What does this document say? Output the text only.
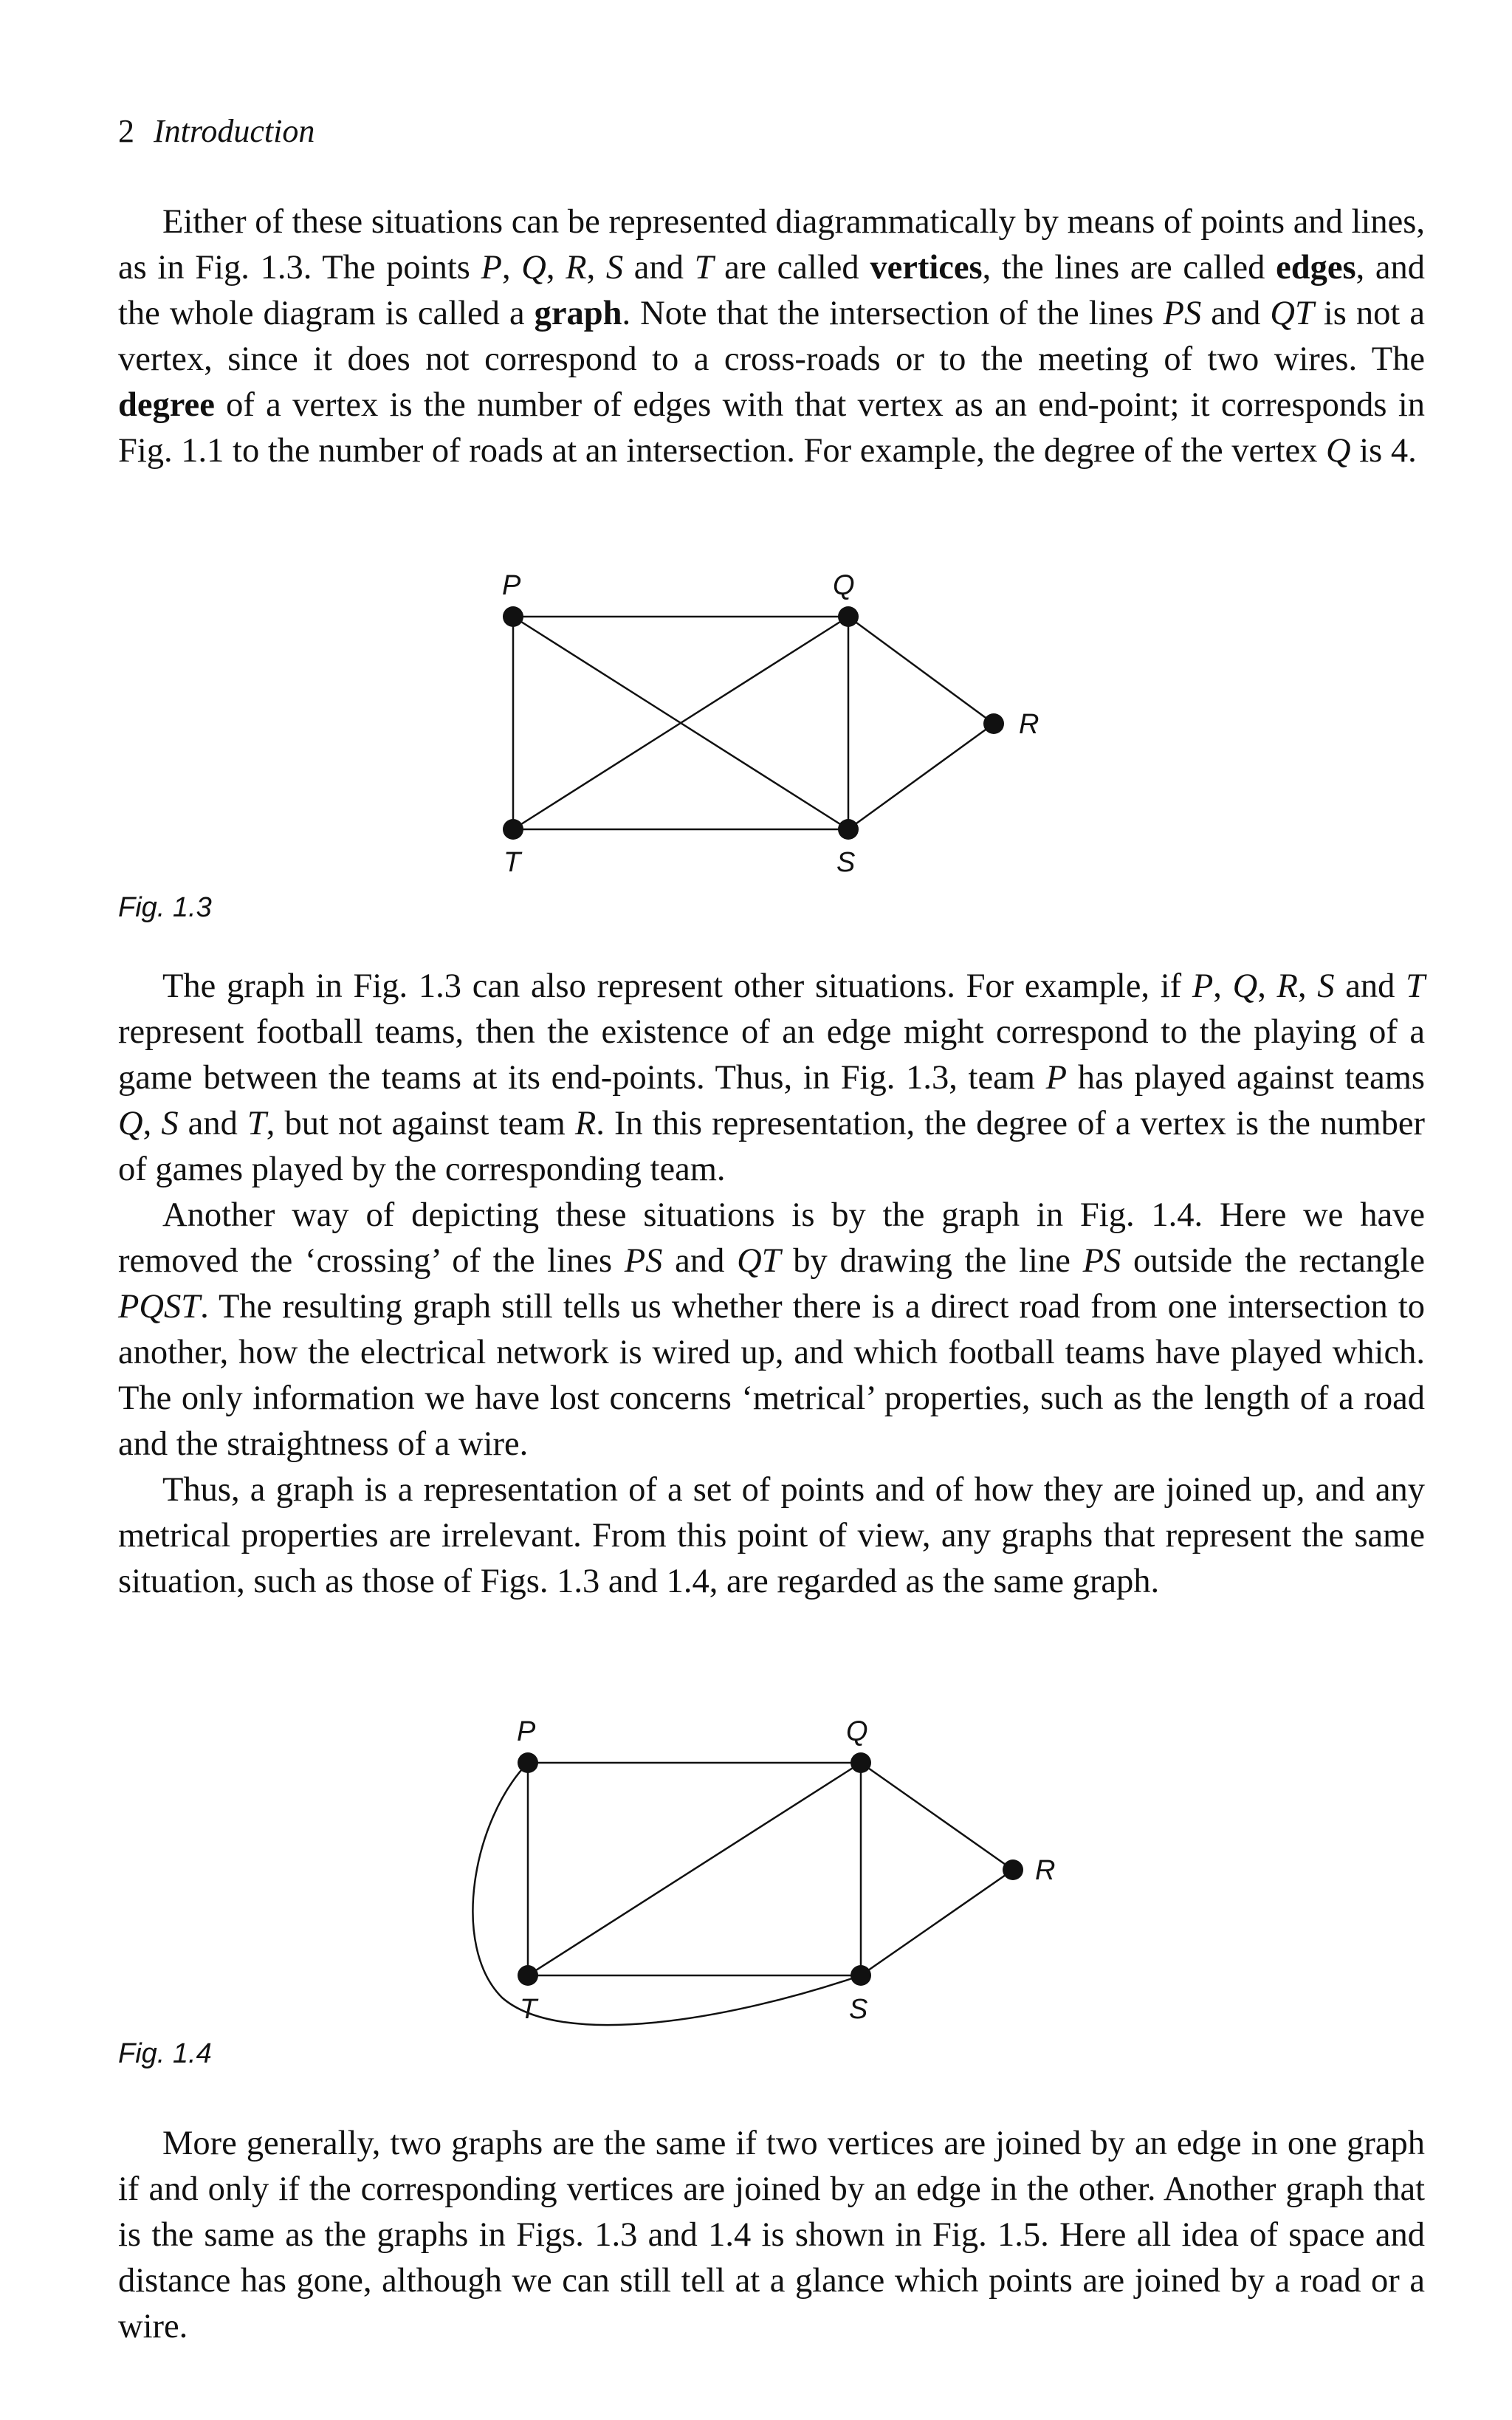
2 Introduction

Either of these situations can be represented diagrammatically by means of points and lines, as in Fig. 1.3. The points P, Q, R, S and T are called vertices, the lines are called edges, and the whole diagram is called a graph. Note that the intersection of the lines PS and QT is not a vertex, since it does not correspond to a cross-roads or to the meeting of two wires. The degree of a vertex is the number of edges with that vertex as an end-point; it corresponds in Fig. 1.1 to the number of roads at an intersection. For example, the degree of the vertex Q is 4.

P	Q
R
S
T
Fig. 1.3

The graph in Fig. 1.3 can also represent other situations. For example, if P, Q, R, S and T represent football teams, then the existence of an edge might correspond to the playing of a game between the teams at its end-points. Thus, in Fig. 1.3, team P has played against teams Q, S and T, but not against team R. In this representation, the degree of a vertex is the number of games played by the corresponding team.

Another way of depicting these situations is by the graph in Fig. 1.4. Here we have removed the ‘crossing’ of the lines PS and QT by drawing the line PS outside the rectangle PQST. The resulting graph still tells us whether there is a direct road from one intersection to another, how the electrical network is wired up, and which football teams have played which. The only information we have lost concerns ‘metrical’ properties, such as the length of a road and the straightness of a wire.

Thus, a graph is a representation of a set of points and of how they are joined up, and any metrical properties are irrelevant. From this point of view, any graphs that represent the same situation, such as those of Figs. 1.3 and 1.4, are regarded as the same graph.

P	Q
R
S
T
Fig. 1.4

More generally, two graphs are the same if two vertices are joined by an edge in one graph if and only if the corresponding vertices are joined by an edge in the other. Another graph that is the same as the graphs in Figs. 1.3 and 1.4 is shown in Fig. 1.5. Here all idea of space and distance has gone, although we can still tell at a glance which points are joined by a road or a wire.
